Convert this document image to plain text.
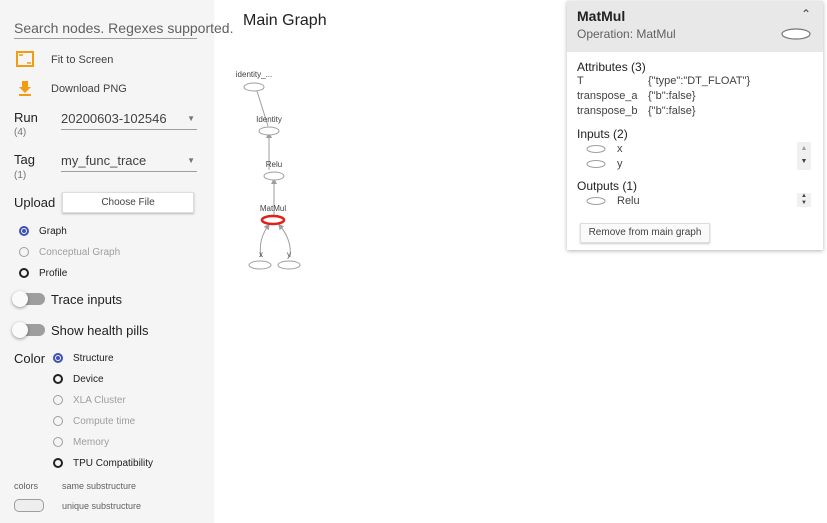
Search nodes. Regexes supported.
Fit to Screen
Download PNG
Run
(4)
20200603-102546	▼
Tag
(1)
my_func_trace	▼
Upload	Choose File
Graph
Conceptual Graph
Profile
Trace inputs
Show health pills
Color	Structure
Device
XLA Cluster
Compute time
Memory
TPU Compatibility
colors	same substructure
unique substructure
Main Graph
identity_...
Identity
Relu
MatMul
x	y
MatMul
Operation: MatMul
⌃
Attributes (3)
T	{"type":"DT_FLOAT"}
transpose_a {"b":false}
transpose_b {"b":false}
Inputs (2)
x
y
▲
▼
Outputs (1)
Relu	▲
▼
Remove from main graph
